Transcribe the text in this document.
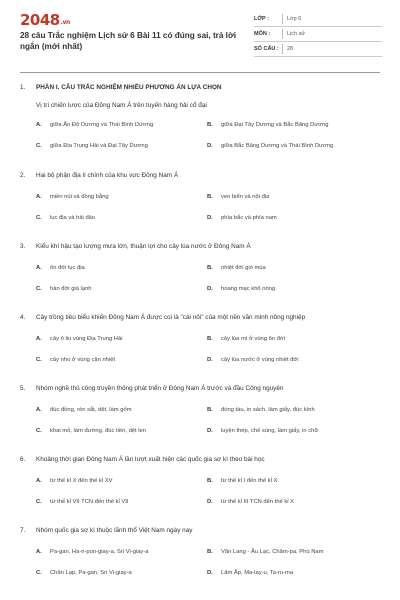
2048.vn
28 câu Trắc nghiệm Lịch sử 6 Bài 11 có đúng sai, trả lời ngắn (mới nhất)
LỚP :	Lớp 6
MÔN :	Lịch sử
SỐ CÂU :	28
1. PHẦN I. CÂU TRẮC NGHIỆM NHIỀU PHƯƠNG ÁN LỰA CHỌN
Vị trí chiến lược của Đông Nam Á trên tuyến hàng hải cổ đại
A. giữa Ấn Độ Dương và Thái Bình Dương	B. giữa Đại Tây Dương và Bắc Băng Dương
C. giữa Địa Trung Hải và Đại Tây Dương	D. giữa Bắc Băng Dương và Thái Bình Dương
2. Hai bộ phận địa lí chính của khu vực Đông Nam Á
A. miền núi và đồng bằng	B. ven biển và nội địa
C. lục địa và hải đảo	D. phía bắc và phía nam
3. Kiểu khí hậu tạo lượng mưa lớn, thuận lợi cho cây lúa nước ở Đông Nam Á
A. ôn đới lục địa	B. nhiệt đới gió mùa
C. hàn đới giá lạnh	D. hoang mạc khô nóng
4. Cây trồng tiêu biểu khiến Đông Nam Á được coi là "cái nôi" của một nền văn minh nông nghiệp
A. cây ô liu vùng Địa Trung Hải	B. cây lúa mì ở vùng ôn đới
C. cây nho ở vùng cận nhiệt	D. cây lúa nước ở vùng nhiệt đới
5. Nhóm nghề thủ công truyền thống phát triển ở Đông Nam Á trước và đầu Công nguyên
A. đúc đồng, rèn sắt, dệt, làm gốm	B. đóng tàu, in sách, làm giấy, đúc kính
C. khai mỏ, làm đường, đúc tiền, dệt len	D. luyện thép, chế súng, làm giấy, in chữ
6. Khoảng thời gian Đông Nam Á lần lượt xuất hiện các quốc gia sơ kì theo bài học
A. từ thế kỉ X đến thế kỉ XV	B. từ thế kỉ I đến thế kỉ X
C. từ thế kỉ VII TCN đến thế kỉ VII	D. từ thế kỉ III TCN đến thế kỉ X
7. Nhóm quốc gia sơ kì thuộc lãnh thổ Việt Nam ngày nay
A. Pa-gan, Ha-ri-pun-giay-a, Sri Vi-giay-a	B. Văn Lang - Âu Lạc, Chăm-pa, Phù Nam
C. Chân Lạp, Pa-gan, Sri Vi-giay-a	D. Lâm Ấp, Ma-lay-u, Ta-ru-ma
